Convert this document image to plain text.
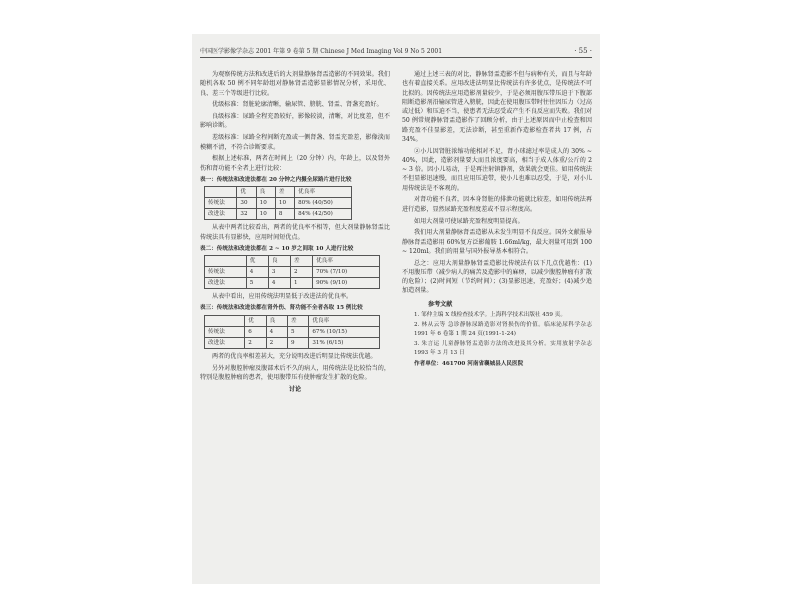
中国医学影像学杂志 2001 年第 9 卷第 5 期 Chinese J Med Imaging Vol 9 No 5 2001	· 55 ·

为观察传统方法和改进后的大剂量静脉肾盂造影的不同效果。我们随机各取 50 例不同年龄组对静脉肾盂造影显影情况分析，采用优、良、差三个等级进行比较。

优级标准：肾脏轮廓清晰，输尿管、膀胱、肾盂、肾盏充盈好。

良级标准：尿路全程充盈较好，影像较淡，清晰，对比度差，但不影响诊断。

差级标准：尿路全程间断充盈或一侧肾盏、肾盂充盈差，影像淡而模糊不清，不符合诊断要求。

根据上述标准，两者在时间上（20 分钟）内，年龄上，以及肾外伤和肾功能不全者上进行比较：

表一：传统法和改进法都在 20 分钟之内摄全尿路片进行比较
	优	良	差	优良率
传统法	30	10	10	80% (40/50)
改进法	32	10	8	84% (42/50)

从表中两者比较看出，两者的优良率不相等，但大剂量静脉肾盂比传统法具有显影快，应用时间短优点。

表二：传统法和改进法都在 2 ~ 10 岁之间取 10 人进行比较
	优	良	差	优良率
传统法	4	3	2	70% (7/10)
改进法	5	4	1	90% (9/10)

从表中看出，应用传统法明显低于改进法的优良率。

表三：传统法和改进法都在肾外伤、肾功能不全者各取 15 例比较
	优	良	差	优良率
传统法	6	4	5	67% (10/15)
改进法	2	2	9	31% (6/15)

两者的优良率相差甚大，充分说明改进后明显比传统法优越。

另外对腹腔肿瘤及腹部术后不久的病人，用传统法是比较恰当的，特别是腹腔肿瘤的患者，使用腹带压有使肿瘤发生扩散的危险。

讨论

通过上述三表的对比，静脉肾盂造影不但与病种有关，而且与年龄也有着直接关系。应用改进法明显比传统法有许多优点，是传统法不可比拟的。因传统法应用造影剂量较少，于是必须用腹压带压迫于下腹部阻断造影剂沿输尿管进入膀胱，因此在使用腹压带时往往因压力（过高或过低）和压迫不当，使患者无法忍受或产生不良反应而失败。我们对 50 例常规静脉肾盂造影作了回顾分析，由于上述原因而中止检查和因路充盈不佳显影差，无法诊断，甚至重新作造影检查者共 17 例，占 34%。

②小儿因肾脏浓缩功能相对不足，肾小球滤过率是成人的 30% ~ 40%，因此，造影剂量要大而且浓度要高，相当于成人体重/公斤的 2 ~ 3 倍。因小儿易动，于是再注射镇静剂，效果就会更佳。如用传统法不但显影迅速慢，而且应用压迫带，使小儿也难以忍受，于是，对小儿用传统法是不客观的。

对肾功能不良者，因本身肾脏的排泄功能就比较差，如用传统法再进行造影，显然尿路充盈程度差或不显示程度高。

如用大剂量可使尿路充盈程度明显提高。

我们用大剂量静脉肾盂造影从未发生明显不良反应。国外文献报导静脉肾盂造影用 60%复方泛影葡胺 1.66ml/kg，最大剂量可用到 100 ~ 120ml。我们的用量与国外报导基本相符合。

总之：应用大剂量静脉肾盂造影比传统法有以下几点优越性：(1)不用腹压带（减少病人的痛苦及造影中的麻痹，以减少腹腔肿瘤有扩散的危险）；(2)时间短（节约时间）；(3)显影迅速，充盈好；(4)减少追加造剂量。

参考文献

1. 邹仲主编 X 线检查技术学。上海科学技术出版社 459 页。

2. 林从云等 急诊静脉尿路造影对肾损伤的价值。临床泌尿科学杂志 1991 年 6 卷第 1 期 24 页(1991-1-24)

3. 朱言运 儿童静脉肾盂造影方法的改进及其分析。实用放射学杂志 1993 年 3 月 13 日

作者单位：461700 河南省襄城县人民医院
